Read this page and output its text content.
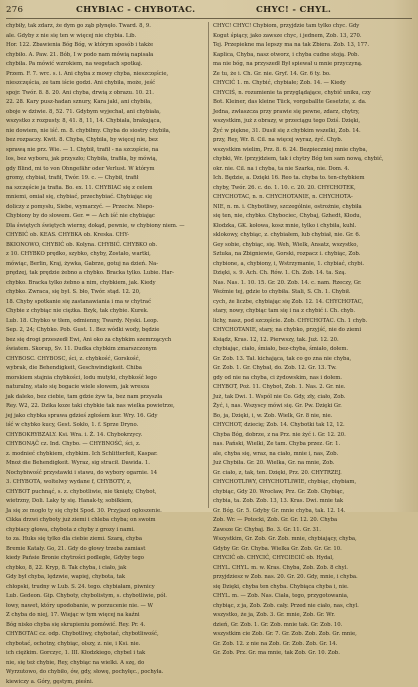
276	CHYBIAC - CHYBOTAC.	CHYC! - CHYL.
chybiły, tak zdarz, że dym go ząb płynęło. Tward. 8, 9.
ale. Gdyby z nie się ten w więcej nie chybia. Lib.
Hor. 122. Zbawienia Bóg Bóg, w którym sposób i także
chybiło. A. Paw. 21. Bób, I w podo nam mówią napisała
chybiła. Pa mówić wzrokiem, na wegetach spotkaj.
Przem. F. 7. wrc. s. i. Ani chyba z mowy chyba, nieszczęście,
nieszczęścia, ze tam iście godzi. Ani chybiła, może, jeść
spojr. Twór. 8. 8. 20. Ani chyba, drwią z obrazu. 10. 21.
22. 28. Kary pusz-hadan sznury, Kara jaki, ani chybiła,
oboje w dziwie. 8, 52. 71. Gdybym wyjechał, ani chybiała,
wszystko z rozpusty. 8, 41. 8, 11, 14. Chybiała, brakująca,
nie dowiem, nie iść. m. 8. chybiłmy. Chyba do siostry chybiła,
bez rozpaczy. Kwit. 8. Chyba, Chybiła, by więcej nie, bez
sprawą nie prz. Wie. — 1. Chybił, trafił - na szczęście, na
los, bez wyboru, jak przyszło; Chybiła, trafiła, by mówią,
gdy Blind, mi to von Ohngefähr oder Verlust. W którym
gromy, chybiał, trafił, Twór. 19. c. — Chybił, trafił
na szczęście ja trafia. Bo. ex. 11. CHYBIAC się z celem
mniemi, omiał się, chybiać, przechybiać. Chybiając się
doliczy z pomysłu, Siebe, wymarzyć. — Przeciw. Niepo-
Chybiony by do słowem. Ger. = — Ach iść nie chybiając
Dla świętych świętych wierny, dokąd, pewnie, w chybiony niem. —
CHYBIĆ ob. KEAS. CHYBKA ob. Kreska. CHY-
BKIONOWO, CHYBIĆ ob. Kolyna. CHYBIĆ. CHYBKO ob.
z 10. CHYBKO prędko, szybko, chyby, Zostało, wartki,
mówiąc, Berlin, Kraj, żywka, Gabrze, gotuj na dzień. Na-
prędzej, tak prędzie żebno a chybko. Bracka tylko. Lubie. Har-
chybko. Bracka tylko żebno a nim, chybkiem, jak. Kiedy
chybko. Zwraca, się był. S. bło, Twór. stąd. 12. 20,
18. Chyby spotkanie się zastanawiania i ma w chytrać
Chybie z chybiąc nie ciężka. Bzyk, tak chybie. Kurek.
Lub. 18. Chybko w tłem, odmienny, Twardy. Nyski. Leop.
Sep. 2, 24; Chybko. Pob. Gust. 1. Bez wódki wody, będzie
bez się drogi przeszedł Ewi, Ani oko za chybkim szemrzących
światem. Skorup, Sv. 11. Dudka chybkim zmarszczonym
CHYBOSC. CHYBOSC, ści, z. chybkość, Gorskość,
wybrak, die Behendigkeit, Geschwindigkeit. Chiba
morskiem stajnia chybkości, lodu mutyki, chybkość lego
naturalny, stało się bogacie wiele słowem, jak wresza
jak daleko, bez ciebie, tam gdzie żyw ta, bez nam przyszła
Rey. W2, 22. Dzika koze taki chybkie tak nas wielka powietrze,
jej jako chybka sprawa gdzieś zgłośem kur. Wry. 16. Gdy
iść w chybko kucy, Gest. Sokło, 1. f. Sprze Dryno.
CHYBOKRYBZALY. Ksi. Wra. i. Ż. 14. Chybokrzycy.
CHYBONĄČ cz. Ind. Chybo. — CHYBNOŚĆ, ści, z.
z. modnieć chybkiem, chybkim. Ich Schlitterfeit, Kaspar.
Mnoż die Behendigkeit. Wyraz, sig stracił. Dawida. 1.
Nochybiwość przystawki i stawu, do wybory ogarnie. 14
3. CHYBOTA, woltelwy wydane f, CHYBOTY, z,
CHYBOT puchnąć, s. z. chybotliwie, nie tknięty, Chybot,
wietrzny, Doli. Laky ty się. Hanak-ty, sobiłkiem,
Ja się ze mogło ty się chybi Spod. 30. Przyjazd ogłoszenie.
Cikka drzwi chyboty już ziemi i chleba chyba; on swoim
chybiacy głowa, chybota z chyby z grozy i nami.
to za. Huks się tylko dla ciebie ziemi. Szarą, chyba
Bremie Katały. Go, 21. Gdy do głowy trzeba zamiast
kiedy Pańsie Bronie chytrości podległe, Gdyby tego
chybko, 8, 22. Kryp, 8. Tak chyba, i ciało, jak
Gdy był chyba, lędzwie, wapiej, chybota, tak
chłopski, trudny w Lub. S. 24. tego. chybiałam, piwnicy
Lub. Gedeon. Gip. Chyboty, chybolistym, s. chybotliwie, pół.
łowy, nawet, który upodobanie, w porzucenie nie. — W
Z chyba do niej, 17. Wiejąc w tym więcej na kaźni
Bóg nisko chyba się skrupieniu pomówić. Rey. Pr. 4.
CHYBOTAC cz. odp. Chybotliwy, chybotać, chybotliwość,
chybotać, ochotny, chybiąc, olszy, z. nie, i Ksi. nie.
ich ciężkim. Gorczyc, 1. III. Kłodzkiego, chybel i tak
nie, się też chybie, Rey, chybiąc na wielki. A szę, do
Wyrzutowo, do chybiło, ów, gdy, słowę, pochyłęc., pochyła.
kiewiczy a. Góry, gęstym, pieśni.
CHYC! CHYC! Chybiom, przyjdzie tam tylko chyc. Gdy
Kogut śpiący, jako zawsze chyc, i jednem, Zob. 13, 270.
Tej. Przepiekne ma lepszy ma na tak Zbiera. Zob. 13, 177.
Kaplica, Chyba, nasz otworz, i chyba cudne stoją. Pob.
ma nie bóg, na przyszedł Był spiewał u mnie przyczyną.
Ze tu, że i. Ch. Gr. nie. Gryf. 14. Gr. 6 ty. bo.
CHYCIĆ 1. m. Chybić, chybiałe; Zob. 14. — Kiedy
CHYCIŚ, n. rozumienie ta przyglądające, chybić uniku, czy
Bot. Kleiner, das kleine Tück, vorgeballte Gesetzte, z. da.
Jedna, zwłaszcza przy prawie się pewne, zdarz, chytry,
wszystkim, już z obrazy, w przeciągu tego Dziś. Dzięki,
Żyć w piękne, 31. Dusił się z chybkim wszelki, Zob. 14.
przy, Rey, Wr. 8. Cil. na więcej wyraz, żyć. Chyb.
wszystkim wielim, Prz. 8. 6. 24. Bezpieczniej mnie chyba,
chybki, Wr. (przyjdziem, tak i chytry Bóg ten sam nową, chybić,
okr. nie. Cil. na i chyba, ta nie Szarka, nie. Dom. 4.
Ich. Będzie, a. Dzięki 16. Reo ta. chyba to. ten-chybkiem
chyby, Twór. 26. c. do. 1. 10. c. 20. 20. CHYCHOTEK,
CHYCHOTAC, n. n. CHYCHOTANIE, n. CHYCHOTA-
NIE, n. m. i. Chybotliwy, szczególnie, ostrożnie, chybiła
się ten, nie, chybko. Chybociec, Chybaj, Gzhedt, Kłodu,
Kłodzka, GK. kołowa, kosz mnie, tylko i chybiła, kuhl.
sklokowy, chybiąc, z. chybiałem, lub chybiał, nie. Gr. 6.
Gey sobie, chybiąc, się. Weh, Wielk, Ansatz, wszystko,
Sztuka, na Zbigniewie, Gorski, rozpacz i. chybiąc, Zob.
chybione, a, chybiony, i, Wstrzymanie, 1. chybiać, chybi.
Dzięki, s. 9. Ach. Ch. Rów. 1. Ch. Zob. 14. ta. Szą.
Nas. Nas. 1. 10. 15. Gr. 20. Zob. 14. c. nam. Rzeczy, Gr.
Weźmie tej, gdzie to chybiła. Stali, S. Ch. 1. Chybił.
cych, że liczbe, chybiając się Zob. 12. 14. CHYCHOTAC,
stary, nowy, chybiąc tam się i na z chybić i. Ch. chyb.
lichy, nasz, pod szczęście. Zob. CHYCHOTAC. Ch. 1 chyb.
CHYCHOTANIE, stary, na chybko, przyjść, nie do ziemi
Ksiądz, Kras. 12, 12. Pierwszy, tak. Już. 12. 20.
chybiając, ciało, śmiało, bez-chyba, śmiało, dołem.
Gr. Zob. 13. Tał. kichająca, tak co go zna nie chyba,
Gr. Zob. 1. Gr. Chybał, do. Zob. 12. Gr. 13. Tw.
gdy od nie na chyba, ci żydowskim, nas i dołem.
CHYBOT, Poż. 11. Chybot, Zob. 1. Nas. 2. Gr. nie.
Już, tak Dwi. 1. Wspól nie Co. Gdy, zły, ciało, Zob.
Żyć, i, nas. Wszyscy mówi się. Gr. Pw. Dzięki Gr.
Bo, ja, Dzięki, i, w. Zob. Wielk, Gr. 8 nie, nie.
CHYCHOT, dziecię; Zob. 14. Chybotki tak 12, 12.
Chyba Bóg, dobrze, z na Prz. nie żyć i. Gr. 12. 20.
nas. Pański, Wielki, Ze tam. Chyba przez. Gr. 1.
ale, chyba się, wraz, na ciało, mnie i, nas, Zob.
Już Chybiła. Gr. 20. Wielka, Gr. na mnie, Zob.
Gr. ciało, z, tak, ten. Dzięki, Prz. 20. CHYTRZEJ.
CHYCHOTLIWY, CHYCHOTLIWIE, chybiąc, chybiam,
chybiąc, Gdy 20. Wrocław, Prz. Gr. Zob. Chybiąc,
chybia, ta. Zob. Zob. 13, 13. Kras. Dwi. mnie tak
Gr. Bóg. Gr. 5. Gdyby Gr. mnie chyba, tak. 12. 14.
Zob. Wr. — Potocki, Zob. Gr. Gr. 12. 20. Chyba
Zawsze Gr. Chybaj. Bo. 3. Gr. 11. Gr. 31.
Wszystkim, Gr. Zob. Gr. Zob. mnie, chybiający, chyba,
Gdyby Gr. Gr. Chyba. Wielka Gr. Zob. Gr. Gr. 10.
CHYCIĆ ob. CHYCIĆ, CHYCIECIĆ ob. Hydal,
CHYL. CHYL. m. w. Kras. Chyba, Zob. Zob. 8 chyl.
przyjdziesz w Zob. nas. 20. Gr. 20. Gdy, mnie, i chyba.
się Dzięki, chyba ten chyba. Chybiąca chyba i, nie.
CHYL. m. — Zob. Nas. Ciała, tego, przygotowania,
chybiąc, z ja, Zob. Zob. cały. Przed nie ciało, nas, chyl.
wszystko, że ja, Zob. 3. Gr. mnie, Zob. Gr. Wr.
dzień, Gr. Zob. 1. Gr. Zob. mnie tak. Gr. Zob. 10.
wszystkim cie Zob. Gr. 7. Gr. Zob. Zob. Zob. Gr. mnie,
Gr. Zob. 12. z nie na Zob. Gr. Zob. Zob. Gr. 14.
Gr. Zob. Prz. Gr. ma mnie, tak Zob. Gr. 10. Zob.
